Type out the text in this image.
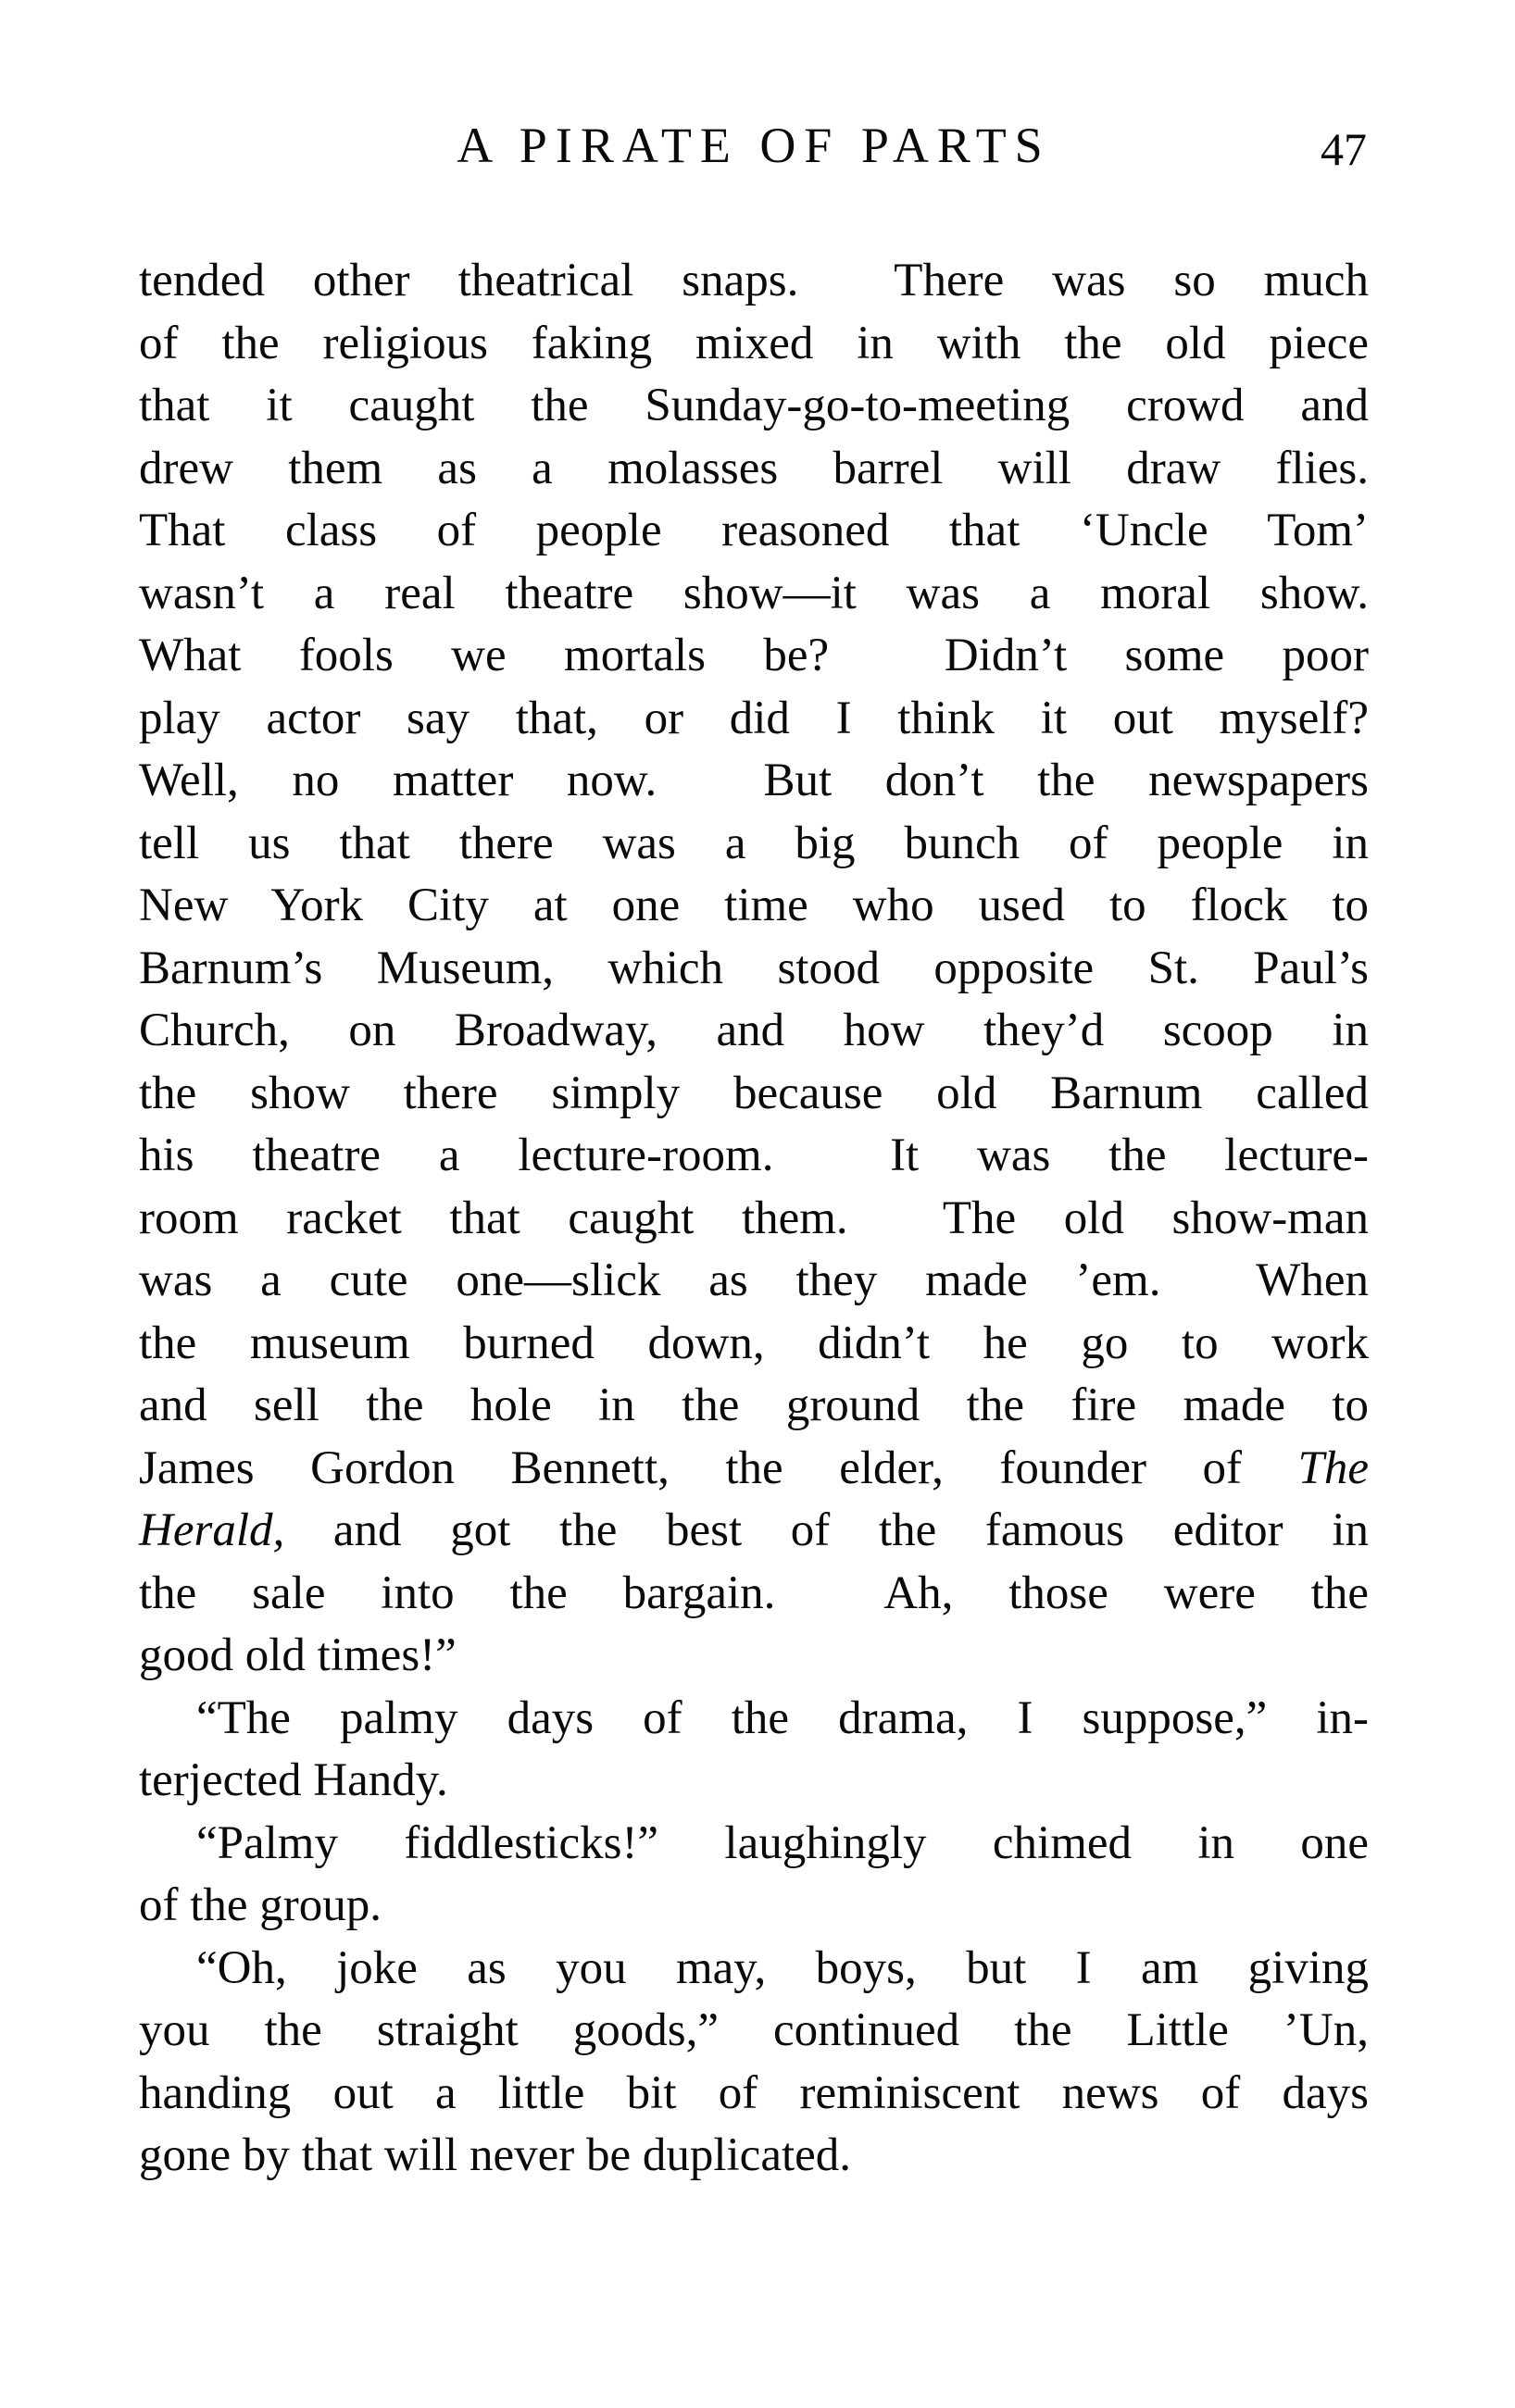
A PIRATE OF PARTS	47
tended other theatrical snaps.  There was so much
of the religious faking mixed in with the old piece
that it caught the Sunday-go-to-meeting crowd and
drew them as a molasses barrel will draw flies.
That class of people reasoned that ‘Uncle Tom’
wasn’t a real theatre show—it was a moral show.
What fools we mortals be?  Didn’t some poor
play actor say that, or did I think it out myself?
Well, no matter now.  But don’t the newspapers
tell us that there was a big bunch of people in
New York City at one time who used to flock to
Barnum’s Museum, which stood opposite St. Paul’s
Church, on Broadway, and how they’d scoop in
the show there simply because old Barnum called
his theatre a lecture-room.  It was the lecture-
room racket that caught them.  The old show-man
was a cute one—slick as they made ’em.  When
the museum burned down, didn’t he go to work
and sell the hole in the ground the fire made to
James Gordon Bennett, the elder, founder of The
Herald, and got the best of the famous editor in
the sale into the bargain.  Ah, those were the
good old times!”
“The palmy days of the drama, I suppose,” in-
terjected Handy.
“Palmy fiddlesticks!” laughingly chimed in one
of the group.
“Oh, joke as you may, boys, but I am giving
you the straight goods,” continued the Little ’Un,
handing out a little bit of reminiscent news of days
gone by that will never be duplicated.
